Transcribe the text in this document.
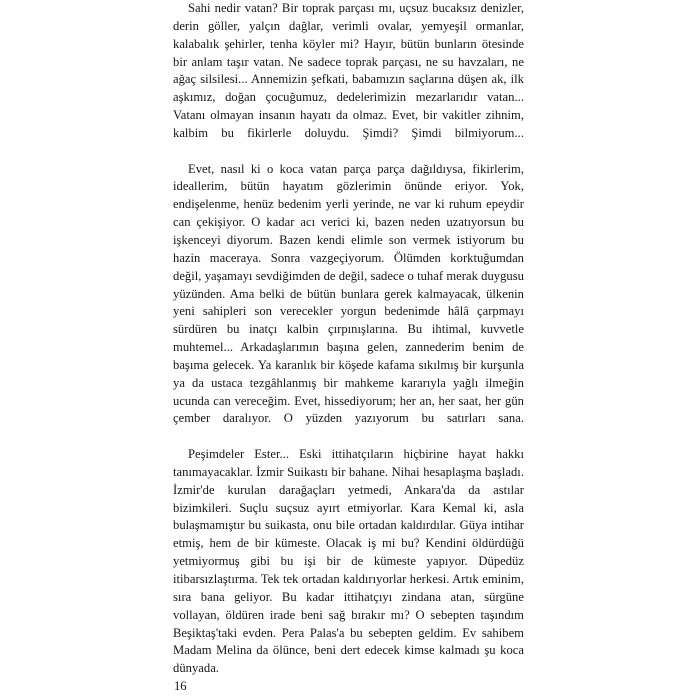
Sahi nedir vatan? Bir toprak parçası mı, uçsuz bucaksız denizler, derin göller, yalçın dağlar, verimli ovalar, yemyeşil ormanlar, kalabalık şehirler, tenha köyler mi? Hayır, bütün bunların ötesinde bir anlam taşır vatan. Ne sadece toprak parçası, ne su havzaları, ne ağaç silsilesi... Annemizin şefkati, babamızın saçlarına düşen ak, ilk aşkımız, doğan çocuğumuz, dedelerimizin mezarlarıdır vatan... Vatanı olmayan insanın hayatı da olmaz. Evet, bir vakitler zihnim, kalbim bu fikirlerle doluydu. Şimdi? Şimdi bilmiyorum...

Evet, nasıl ki o koca vatan parça parça dağıldıysa, fikirlerim, ideallerim, bütün hayatım gözlerimin önünde eriyor. Yok, endişelenme, henüz bedenim yerli yerinde, ne var ki ruhum epeydir can çekişiyor. O kadar acı verici ki, bazen neden uzatıyorsun bu işkenceyi diyorum. Bazen kendi elimle son vermek istiyorum bu hazin maceraya. Sonra vazgeçiyorum. Ölümden korktuğumdan değil, yaşamayı sevdiğimden de değil, sadece o tuhaf merak duygusu yüzünden. Ama belki de bütün bunlara gerek kalmayacak, ülkenin yeni sahipleri son verecekler yorgun bedenimde hâlâ çarpmayı sürdüren bu inatçı kalbin çırpınışlarına. Bu ihtimal, kuvvetle muhtemel... Arkadaşlarımın başına gelen, zannederim benim de başıma gelecek. Ya karanlık bir köşede kafama sıkılmış bir kurşunla ya da ustaca tezgâhlanmış bir mahkeme kararıyla yağlı ilmeğin ucunda can vereceğim. Evet, hissediyorum; her an, her saat, her gün çember daralıyor. O yüzden yazıyorum bu satırları sana.

Peşimdeler Ester... Eski ittihatçıların hiçbirine hayat hakkı tanımayacaklar. İzmir Suikastı bir bahane. Nihai hesaplaşma başladı. İzmir'de kurulan darağaçları yetmedi, Ankara'da da astılar bizimkileri. Suçlu suçsuz ayırt etmiyorlar. Kara Kemal ki, asla bulaşmamıştır bu suikasta, onu bile ortadan kaldırdılar. Güya intihar etmiş, hem de bir kümeste. Olacak iş mi bu? Kendini öldürdüğü yetmiyormuş gibi bu işi bir de kümeste yapıyor. Düpedüz itibarsızlaştırma. Tek tek ortadan kaldırıyorlar herkesi. Artık eminim, sıra bana geliyor. Bu kadar ittihatçıyı zindana atan, sürgüne vollayan, öldüren irade beni sağ bırakır mı? O sebepten taşındım Beşiktaş'taki evden. Pera Palas'a bu sebepten geldim. Ev sahibem Madam Melina da ölünce, beni dert edecek kimse kalmadı şu koca dünyada.

16
